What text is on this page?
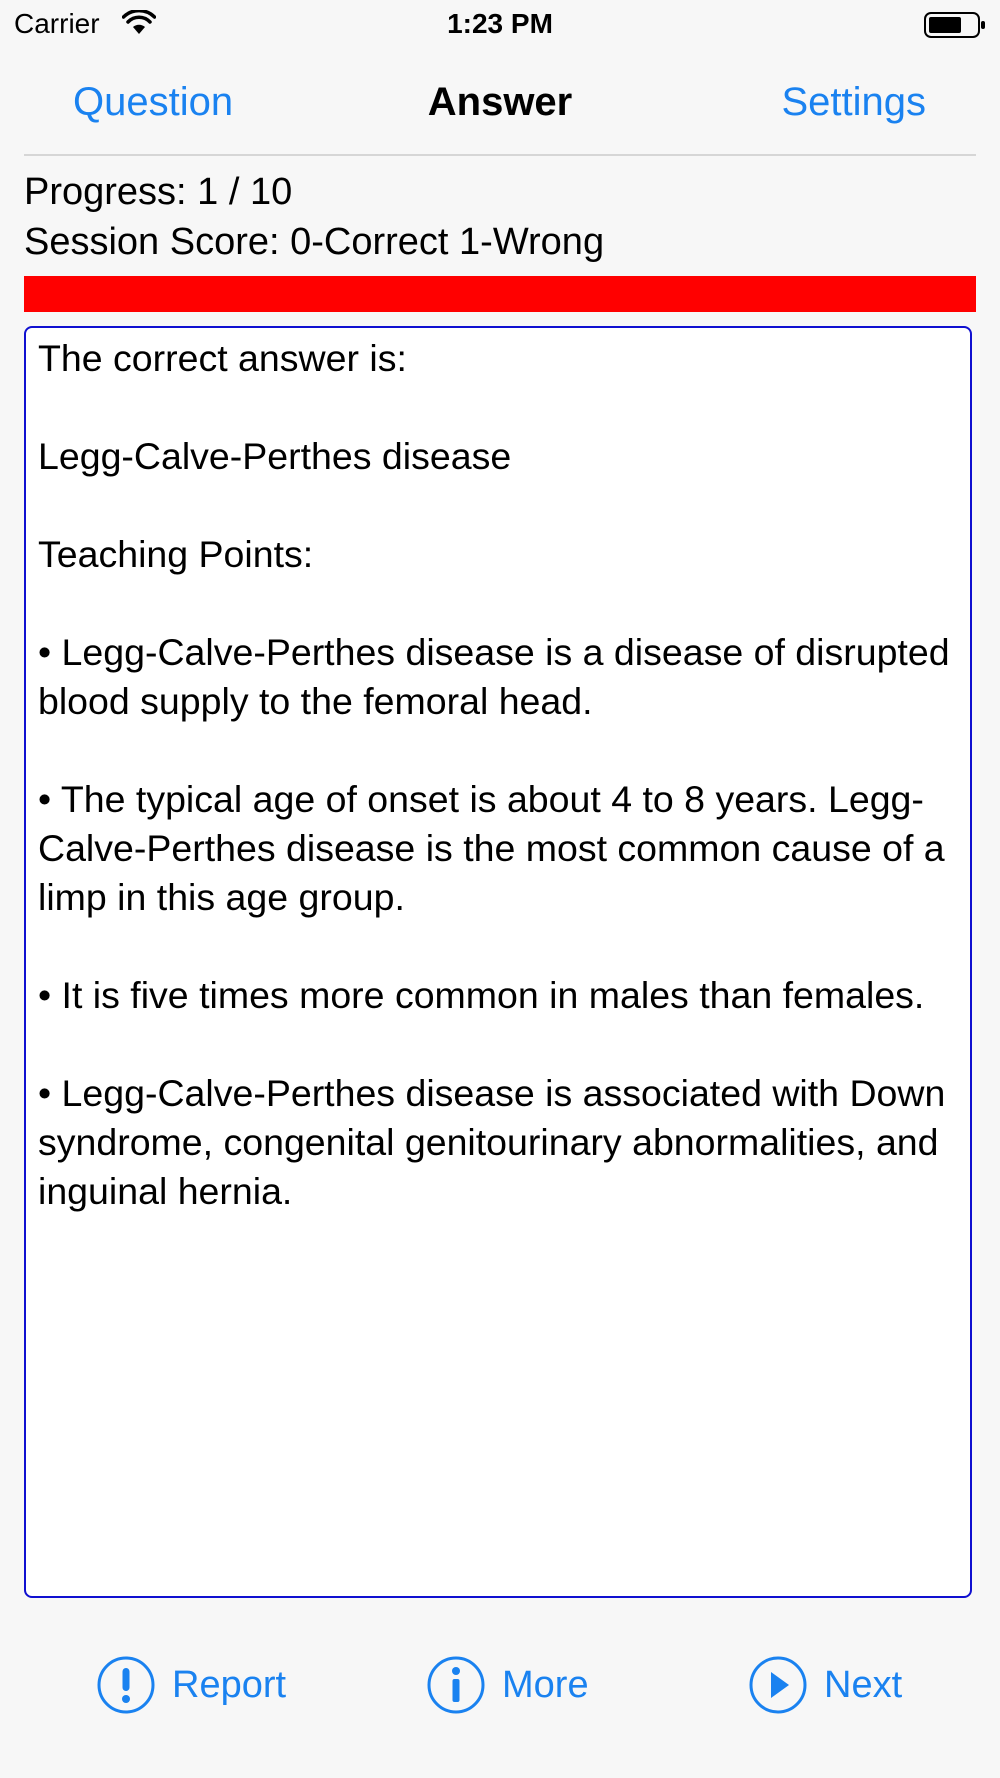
Carrier	1:23 PM
Question	Answer	Settings
Progress: 1 / 10
Session Score: 0-Correct 1-Wrong

The correct answer is:

Legg-Calve-Perthes disease

Teaching Points:

• Legg-Calve-Perthes disease is a disease of disrupted blood supply to the femoral head.

• The typical age of onset is about 4 to 8 years. Legg-Calve-Perthes disease is the most common cause of a limp in this age group.

• It is five times more common in males than females.

• Legg-Calve-Perthes disease is associated with Down syndrome, congenital genitourinary abnormalities, and inguinal hernia.

Report	More	Next
